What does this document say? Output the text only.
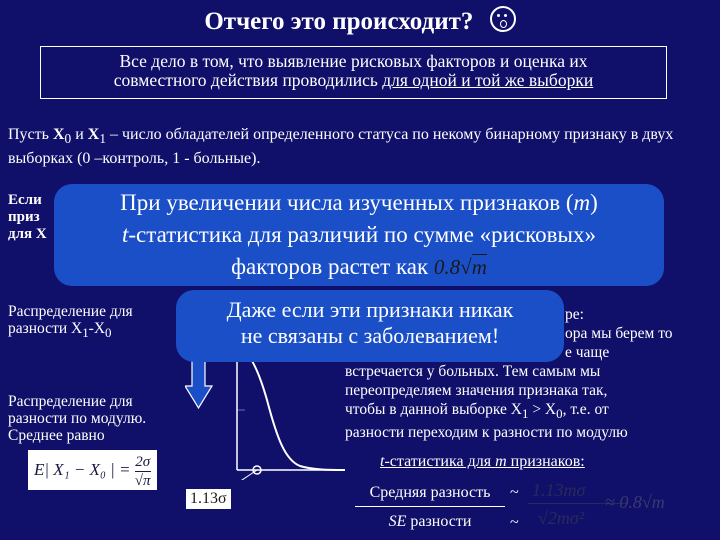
Отчего это происходит?
Все дело в том, что выявление рисковых факторов и оценка их
совместного действия проводились для одной и той же выборки
Пусть $X_0$ и $X_1$ – число обладателей определенного статуса по некому бинарному признаку в двух выборках (0 –контроль, 1 - больные).
Если
приз
для X
Распределение для
разности $X_1-X_0$
Распределение для
разности по модулю.
Среднее равно
E| X₁ − X₀ | = $\frac{2\sigma}{√\pi}$
1.13σ
ре:
ора мы берем то
е чаще
встречается у больных. Тем самым мы
переопределяем значения признака так,
чтобы в данной выборке $X_1 > X_0$, т.е. от
разности переходим к разности по модулю
t-статистика для m признаков:
Средняя разность
SE разности
~
~
1.13mσ
√2mσ²
≈ 0.8√m
При увеличении числа изученных признаков (m)
t-статистика для различий по сумме «рисковых»
факторов растет как 0.8√m
Даже если эти признаки никак
не связаны с заболеванием!
